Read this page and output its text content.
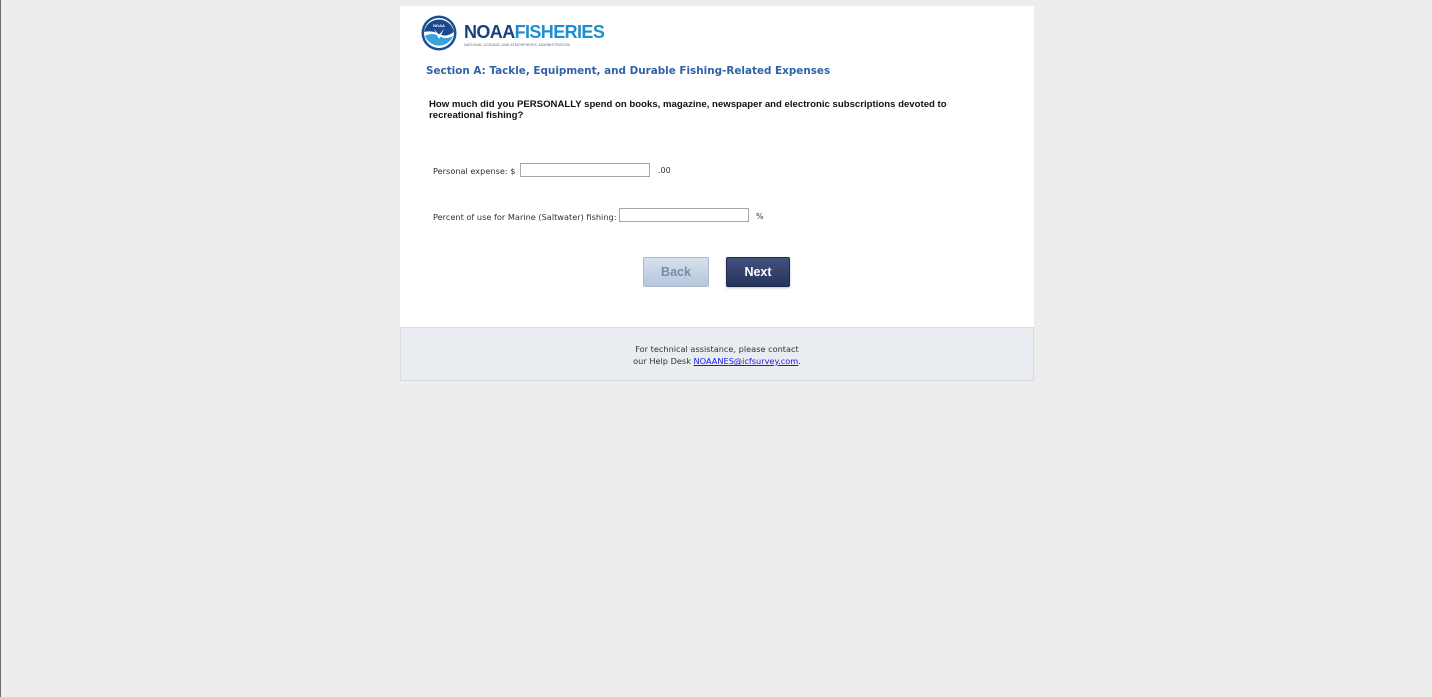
NOAA NOAAFISHERIES
NATIONAL OCEANIC AND ATMOSPHERIC ADMINISTRATION
Section A: Tackle, Equipment, and Durable Fishing-Related Expenses
How much did you PERSONALLY spend on books, magazine, newspaper and electronic subscriptions devoted to recreational fishing?
Personal expense: $	.00
Percent of use for Marine (Saltwater) fishing:	%
Back	Next
For technical assistance, please contact
our Help Desk NOAANES@icfsurvey.com.
